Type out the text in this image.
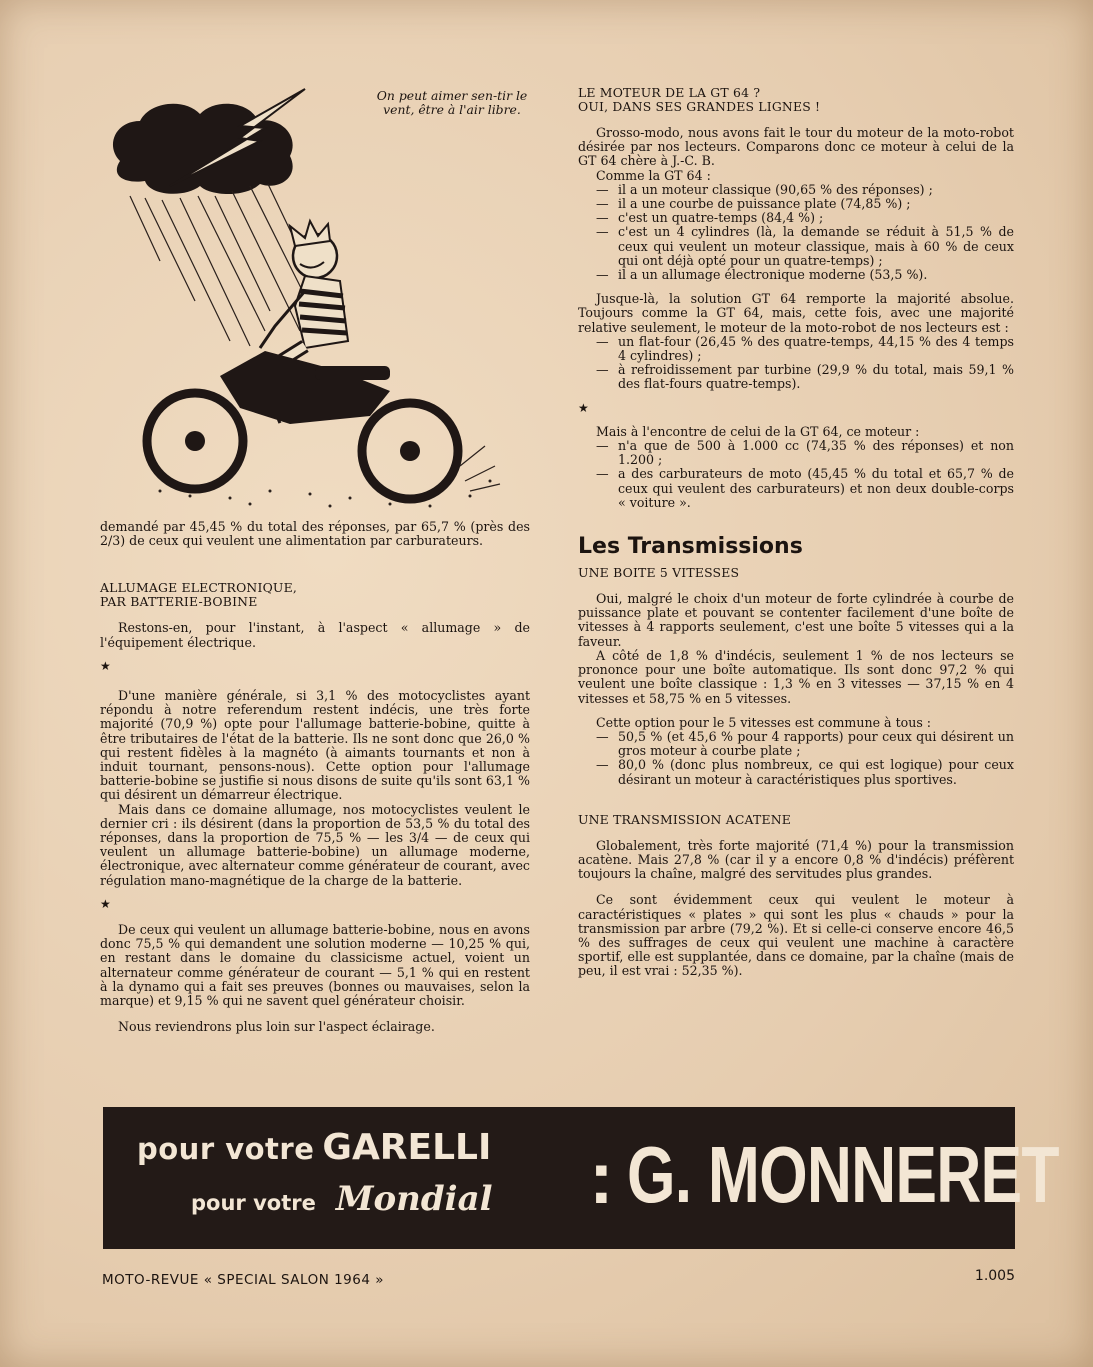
On peut aimer sen-tir le vent, être à l'air libre.

demandé par 45,45 % du total des réponses, par 65,7 % (près des 2/3) de ceux qui veulent une alimentation par carburateurs.

ALLUMAGE ELECTRONIQUE,

PAR BATTERIE-BOBINE

Restons-en, pour l'instant, à l'aspect « allumage » de l'équipement électrique.

★

D'une manière générale, si 3,1 % des motocyclistes ayant répondu à notre referendum restent indécis, une très forte majorité (70,9 %) opte pour l'allumage batterie-bobine, quitte à être tributaires de l'état de la batterie. Ils ne sont donc que 26,0 % qui restent fidèles à la magnéto (à aimants tournants et non à induit tournant, pensons-nous). Cette option pour l'allumage batterie-bobine se justifie si nous disons de suite qu'ils sont 63,1 % qui désirent un démarreur électrique.

Mais dans ce domaine allumage, nos motocyclistes veulent le dernier cri : ils désirent (dans la proportion de 53,5 % du total des réponses, dans la proportion de 75,5 % — les 3/4 — de ceux qui veulent un allumage batterie-bobine) un allumage moderne, électronique, avec alternateur comme générateur de courant, avec régulation mano-magnétique de la charge de la batterie.

★

De ceux qui veulent un allumage batterie-bobine, nous en avons donc 75,5 % qui demandent une solution moderne — 10,25 % qui, en restant dans le domaine du classicisme actuel, voient un alternateur comme générateur de courant — 5,1 % qui en restent à la dynamo qui a fait ses preuves (bonnes ou mauvaises, selon la marque) et 9,15 % qui ne savent quel générateur choisir.

Nous reviendrons plus loin sur l'aspect éclairage.

LE MOTEUR DE LA GT 64 ?

OUI, DANS SES GRANDES LIGNES !

Grosso-modo, nous avons fait le tour du moteur de la moto-robot désirée par nos lecteurs. Comparons donc ce moteur à celui de la GT 64 chère à J.-C. B.

Comme la GT 64 :

— il a un moteur classique (90,65 % des réponses) ;
— il a une courbe de puissance plate (74,85 %) ;
— c'est un quatre-temps (84,4 %) ;
— c'est un 4 cylindres (là, la demande se réduit à 51,5 % de ceux qui veulent un moteur classique, mais à 60 % de ceux qui ont déjà opté pour un quatre-temps) ;
— il a un allumage électronique moderne (53,5 %).

Jusque-là, la solution GT 64 remporte la majorité absolue. Toujours comme la GT 64, mais, cette fois, avec une majorité relative seulement, le moteur de la moto-robot de nos lecteurs est :

— un flat-four (26,45 % des quatre-temps, 44,15 % des 4 temps 4 cylindres) ;
— à refroidissement par turbine (29,9 % du total, mais 59,1 % des flat-fours quatre-temps).

★

Mais à l'encontre de celui de la GT 64, ce moteur :

— n'a que de 500 à 1.000 cc (74,35 % des réponses) et non 1.200 ;
— a des carburateurs de moto (45,45 % du total et 65,7 % de ceux qui veulent des carburateurs) et non deux double-corps « voiture ».
Les Transmissions

UNE BOITE 5 VITESSES

Oui, malgré le choix d'un moteur de forte cylindrée à courbe de puissance plate et pouvant se contenter facilement d'une boîte de vitesses à 4 rapports seulement, c'est une boîte 5 vitesses qui a la faveur.

A côté de 1,8 % d'indécis, seulement 1 % de nos lecteurs se prononce pour une boîte automatique. Ils sont donc 97,2 % qui veulent une boîte classique : 1,3 % en 3 vitesses — 37,15 % en 4 vitesses et 58,75 % en 5 vitesses.

Cette option pour le 5 vitesses est commune à tous :

— 50,5 % (et 45,6 % pour 4 rapports) pour ceux qui désirent un gros moteur à courbe plate ;
— 80,0 % (donc plus nombreux, ce qui est logique) pour ceux désirant un moteur à caractéristiques plus sportives.

UNE TRANSMISSION ACATENE

Globalement, très forte majorité (71,4 %) pour la transmission acatène. Mais 27,8 % (car il y a encore 0,8 % d'indécis) préfèrent toujours la chaîne, malgré des servitudes plus grandes.

Ce sont évidemment ceux qui veulent le moteur à caractéristiques « plates » qui sont les plus « chauds » pour la transmission par arbre (79,2 %). Et si celle-ci conserve encore 46,5 % des suffrages de ceux qui veulent une machine à caractère sportif, elle est supplantée, dans ce domaine, par la chaîne (mais de peu, il est vrai : 52,35 %).

pour votre GARELLI
pour votre Mondial : G. MONNERET
MOTO-REVUE « SPECIAL SALON 1964 »	1.005
